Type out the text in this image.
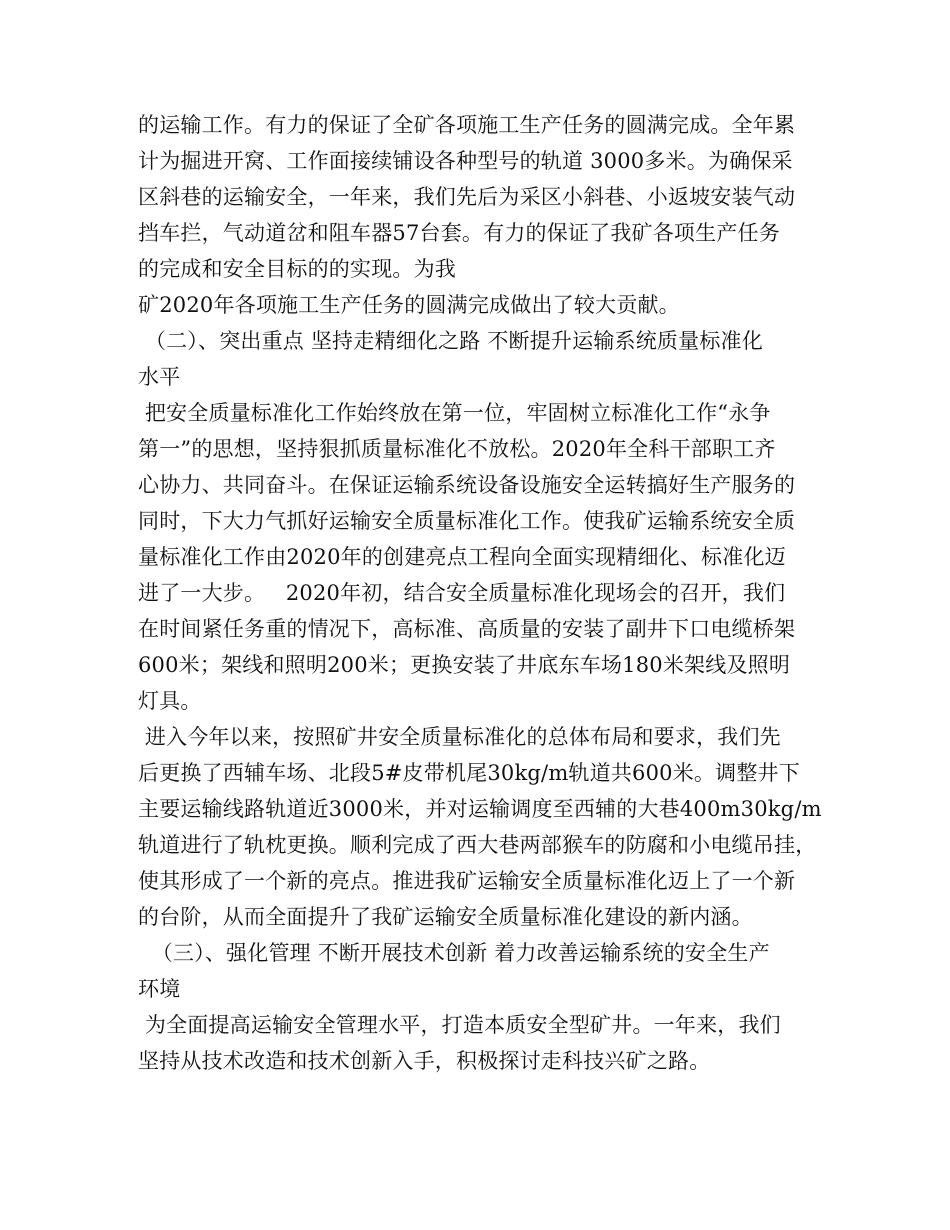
的运输工作。有力的保证了全矿各项施工生产任务的圆满完成。全年累
计为掘进开窝、工作面接续铺设各种型号的轨道 3000多米。为确保采
区斜巷的运输安全，一年来，我们先后为采区小斜巷、小返坡安装气动
挡车拦，气动道岔和阻车器57台套。有力的保证了我矿各项生产任务
的完成和安全目标的的实现。为我
矿2020年各项施工生产任务的圆满完成做出了较大贡献。
（二）、突出重点 坚持走精细化之路 不断提升运输系统质量标准化
水平
把安全质量标准化工作始终放在第一位，牢固树立标准化工作“永争
第一”的思想，坚持狠抓质量标准化不放松。2020年全科干部职工齐
心协力、共同奋斗。在保证运输系统设备设施安全运转搞好生产服务的
同时，下大力气抓好运输安全质量标准化工作。使我矿运输系统安全质
量标准化工作由2020年的创建亮点工程向全面实现精细化、标准化迈
进了一大步。   2020年初，结合安全质量标准化现场会的召开，我们
在时间紧任务重的情况下，高标准、高质量的安装了副井下口电缆桥架
600米；架线和照明200米；更换安装了井底东车场180米架线及照明
灯具。
进入今年以来，按照矿井安全质量标准化的总体布局和要求，我们先
后更换了西辅车场、北段5#皮带机尾30kg/m轨道共600米。调整井下
主要运输线路轨道近3000米，并对运输调度至西辅的大巷400m30kg/m
轨道进行了轨枕更换。顺利完成了西大巷两部猴车的防腐和小电缆吊挂，
使其形成了一个新的亮点。推进我矿运输安全质量标准化迈上了一个新
的台阶，从而全面提升了我矿运输安全质量标准化建设的新内涵。
（三）、强化管理 不断开展技术创新 着力改善运输系统的安全生产
环境
为全面提高运输安全管理水平，打造本质安全型矿井。一年来，我们
坚持从技术改造和技术创新入手，积极探讨走科技兴矿之路。
